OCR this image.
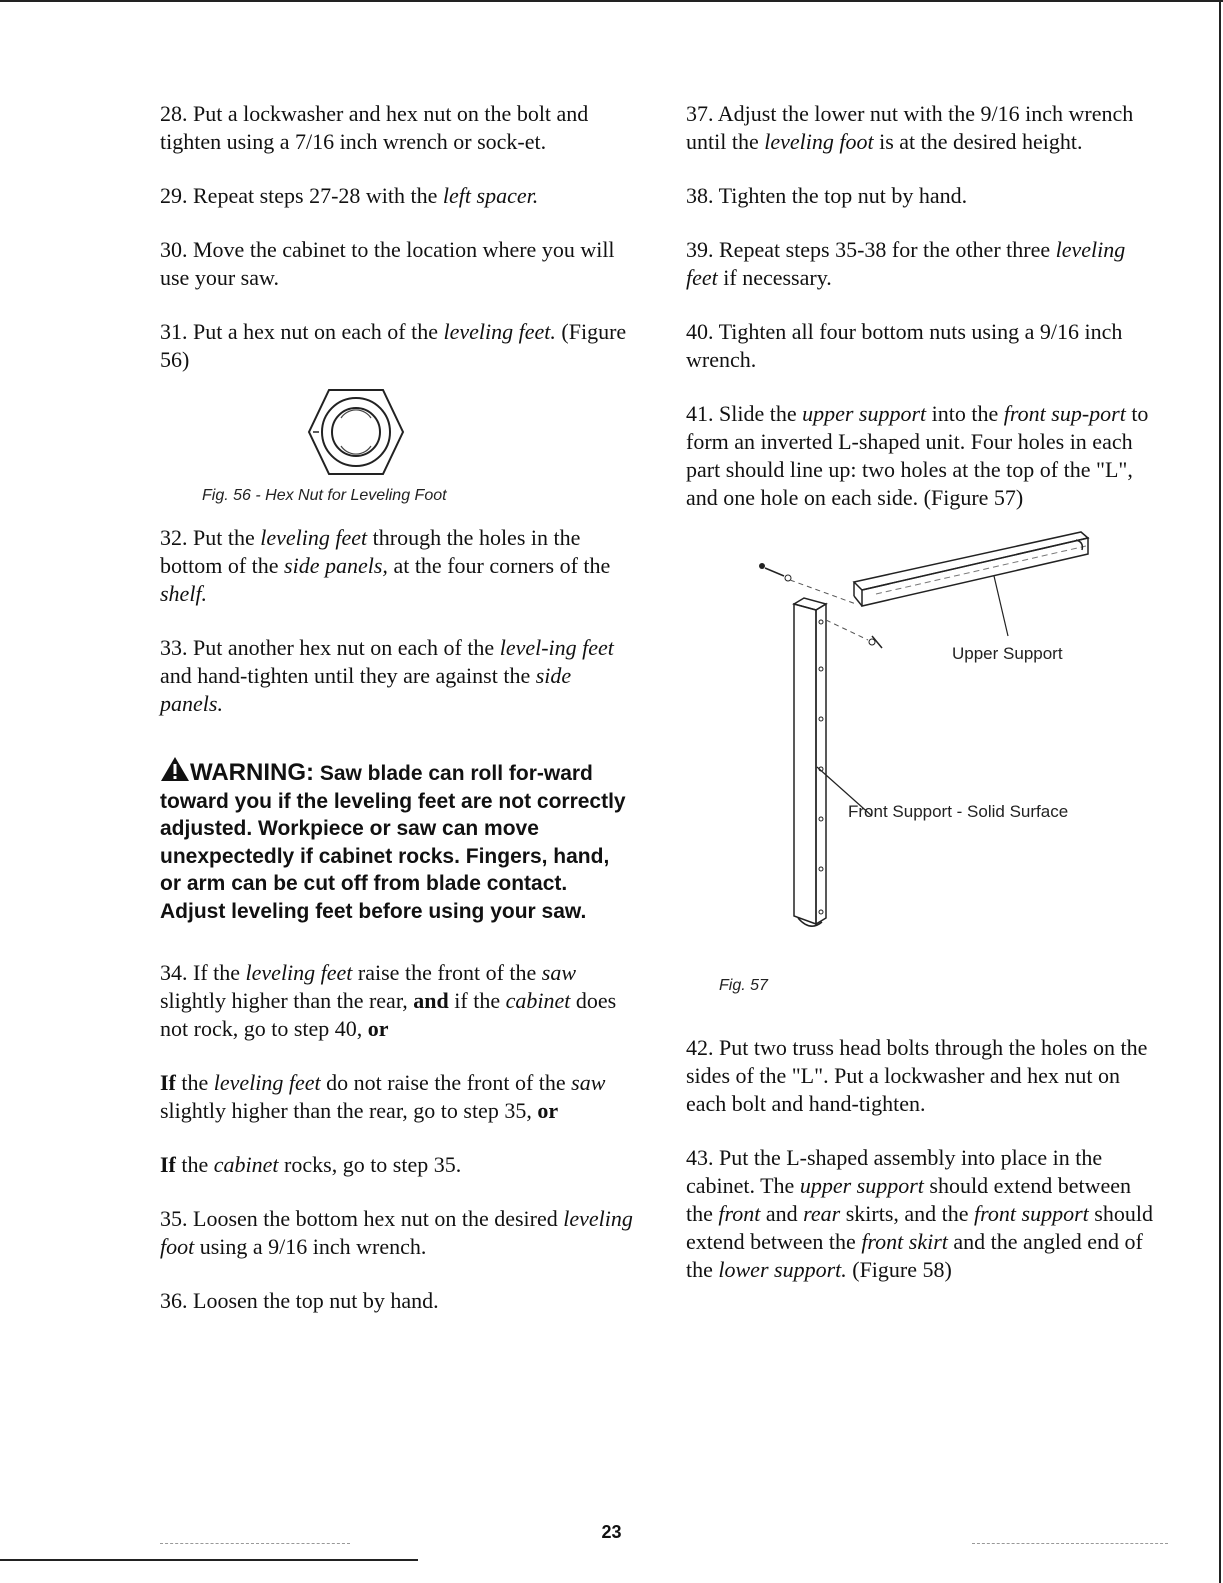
28. Put a lockwasher and hex nut on the bolt and tighten using a 7/16 inch wrench or sock-et.

29. Repeat steps 27-28 with the left spacer.

30. Move the cabinet to the location where you will use your saw.

31. Put a hex nut on each of the leveling feet. (Figure 56)

Fig. 56 - Hex Nut for Leveling Foot

32. Put the leveling feet through the holes in the bottom of the side panels, at the four corners of the shelf.

33. Put another hex nut on each of the level-ing feet and hand-tighten until they are against the side panels.

WARNING: Saw blade can roll for-ward toward you if the leveling feet are not correctly adjusted. Workpiece or saw can move unexpectedly if cabinet rocks. Fingers, hand, or arm can be cut off from blade contact. Adjust leveling feet before using your saw.

34. If the leveling feet raise the front of the saw slightly higher than the rear, and if the cabinet does not rock, go to step 40, or

If the leveling feet do not raise the front of the saw slightly higher than the rear, go to step 35, or

If the cabinet rocks, go to step 35.

35. Loosen the bottom hex nut on the desired leveling foot using a 9/16 inch wrench.

36. Loosen the top nut by hand.

37. Adjust the lower nut with the 9/16 inch wrench until the leveling foot is at the desired height.

38. Tighten the top nut by hand.

39. Repeat steps 35-38 for the other three leveling feet if necessary.

40. Tighten all four bottom nuts using a 9/16 inch wrench.

41. Slide the upper support into the front sup-port to form an inverted L-shaped unit. Four holes in each part should line up: two holes at the top of the "L", and one hole on each side. (Figure 57)

Upper Support
Front Support - Solid Surface
Fig. 57

42. Put two truss head bolts through the holes on the sides of the "L". Put a lockwasher and hex nut on each bolt and hand-tighten.

43. Put the L-shaped assembly into place in the cabinet. The upper support should extend between the front and rear skirts, and the front support should extend between the front skirt and the angled end of the lower support. (Figure 58)

23
